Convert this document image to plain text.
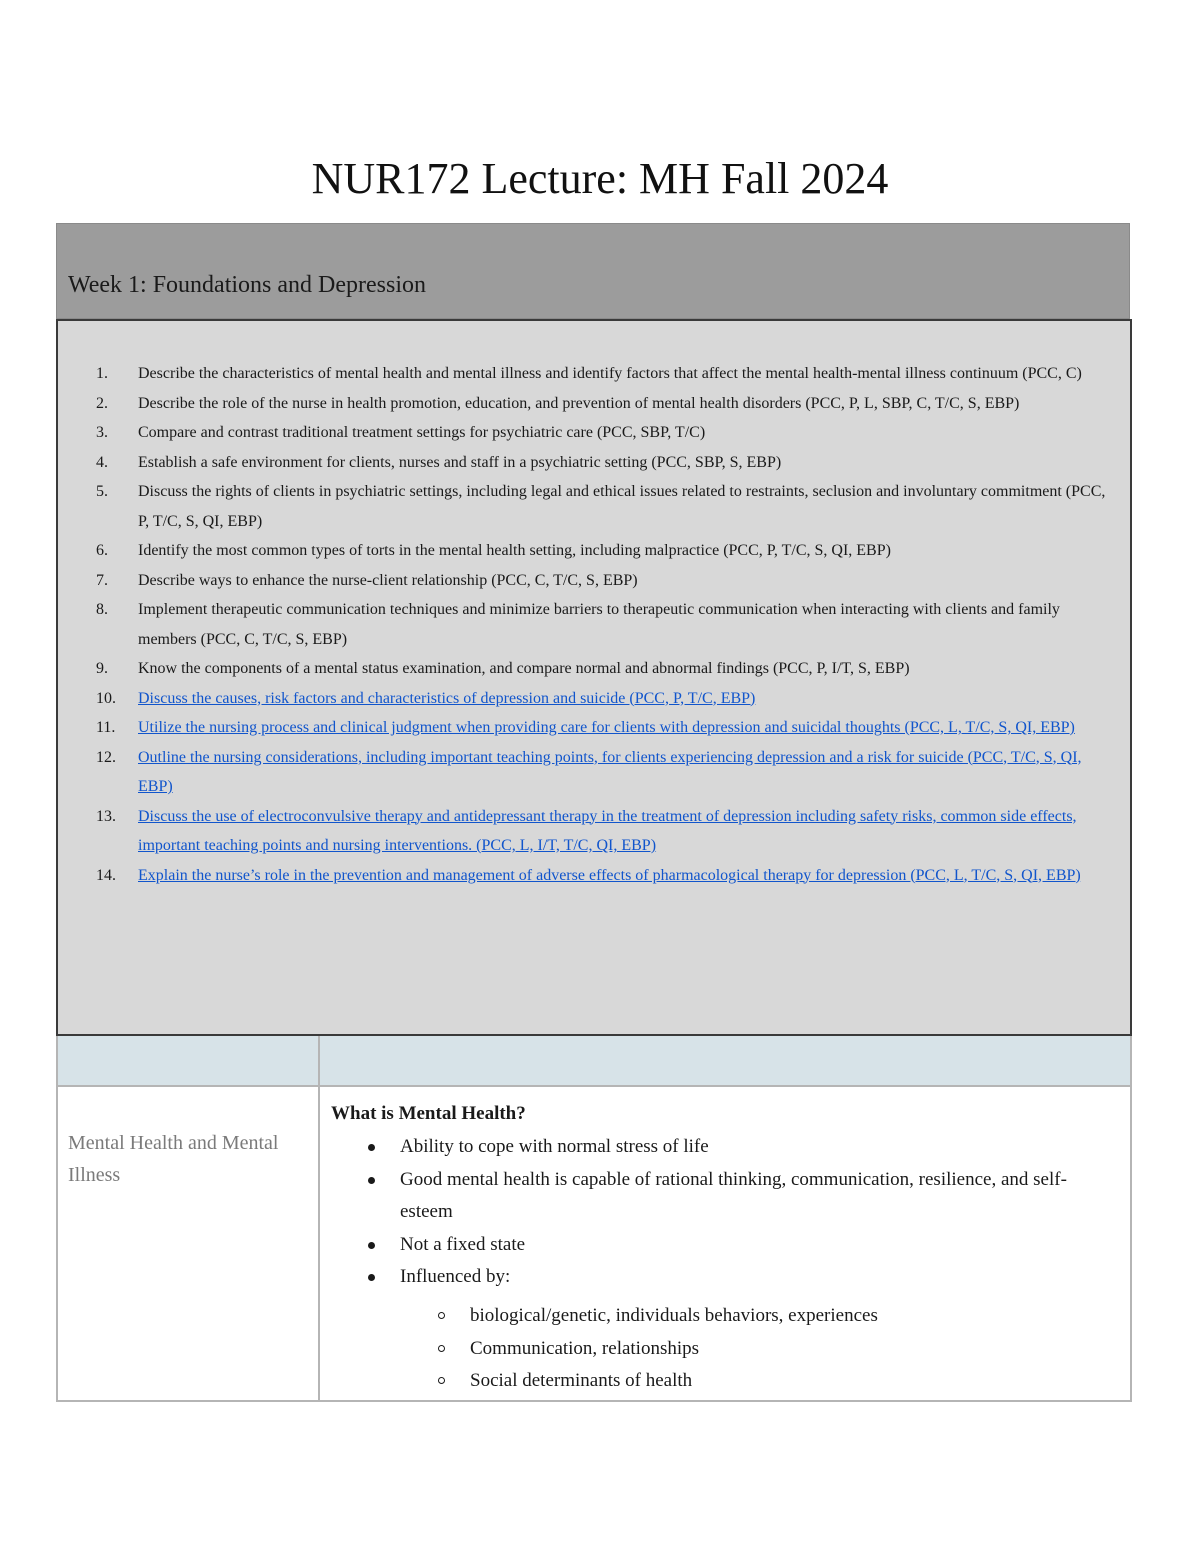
NUR172 Lecture: MH Fall 2024
Week 1: Foundations and Depression
1.	Describe the characteristics of mental health and mental illness and identify factors that affect the mental health-mental illness continuum (PCC, C)
2.	Describe the role of the nurse in health promotion, education, and prevention of mental health disorders (PCC, P, L, SBP, C, T/C, S, EBP)
3.	Compare and contrast traditional treatment settings for psychiatric care (PCC, SBP, T/C)
4.	Establish a safe environment for clients, nurses and staff in a psychiatric setting (PCC, SBP, S, EBP)
5.	Discuss the rights of clients in psychiatric settings, including legal and ethical issues related to restraints, seclusion and involuntary commitment (PCC, P, T/C, S, QI, EBP)
6.	Identify the most common types of torts in the mental health setting, including malpractice (PCC, P, T/C, S, QI, EBP)
7.	Describe ways to enhance the nurse-client relationship (PCC, C, T/C, S, EBP)
8.	Implement therapeutic communication techniques and minimize barriers to therapeutic communication when interacting with clients and family members (PCC, C, T/C, S, EBP)
9.	Know the components of a mental status examination, and compare normal and abnormal findings (PCC, P, I/T, S, EBP)
10.	Discuss the causes, risk factors and characteristics of depression and suicide (PCC, P, T/C, EBP)
11.	Utilize the nursing process and clinical judgment when providing care for clients with depression and suicidal thoughts (PCC, L, T/C, S, QI, EBP)
12.	Outline the nursing considerations, including important teaching points, for clients experiencing depression and a risk for suicide (PCC, T/C, S, QI, EBP)
13.	Discuss the use of electroconvulsive therapy and antidepressant therapy in the treatment of depression including safety risks, common side effects, important teaching points and nursing interventions. (PCC, L, I/T, T/C, QI, EBP)
14.	Explain the nurse’s role in the prevention and management of adverse effects of pharmacological therapy for depression (PCC, L, T/C, S, QI, EBP)
Mental Health and Mental Illness
What is Mental Health?
Ability to cope with normal stress of life
Good mental health is capable of rational thinking, communication, resilience, and self-esteem
Not a fixed state
Influenced by:
biological/genetic, individuals behaviors, experiences
Communication, relationships
Social determinants of health
